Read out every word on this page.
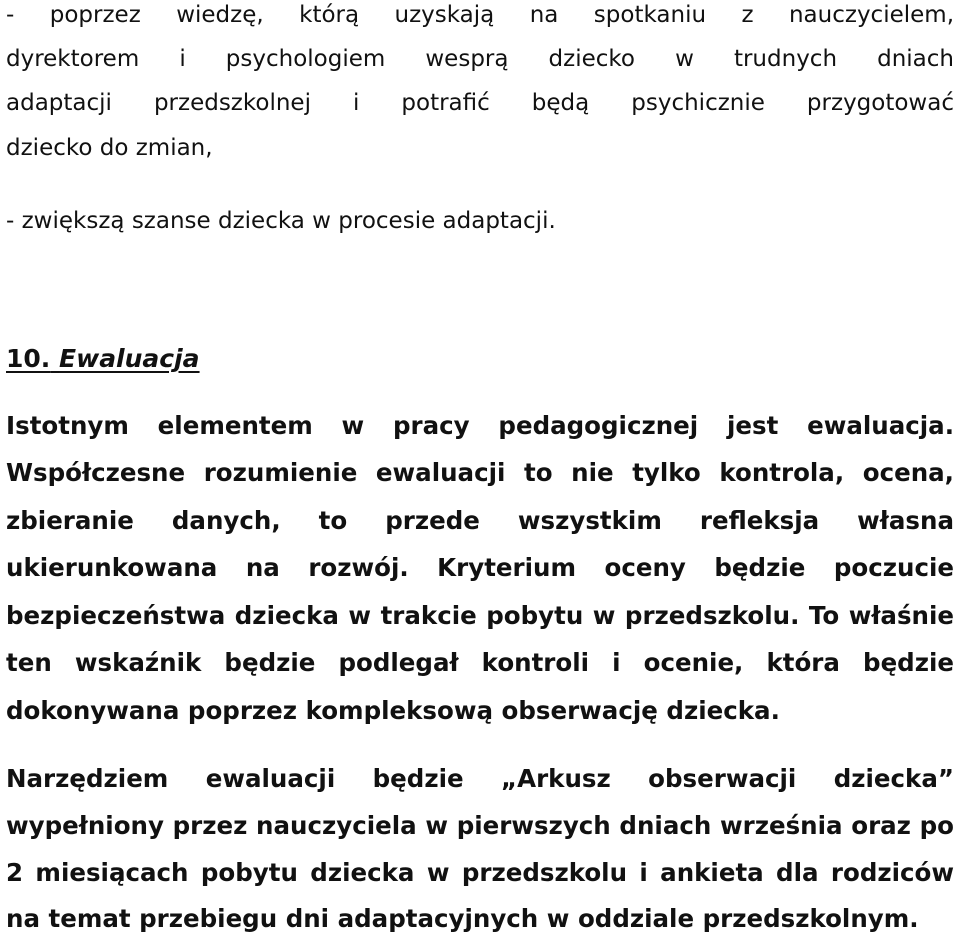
- poprzez wiedzę, którą uzyskają na spotkaniu z nauczycielem,
dyrektorem i psychologiem wesprą dziecko w trudnych dniach
adaptacji przedszkolnej i potrafić będą psychicznie przygotować
dziecko do zmian,
- zwiększą szanse dziecka w procesie adaptacji.
10. Ewaluacja
Istotnym elementem w pracy pedagogicznej jest ewaluacja.
Współczesne rozumienie ewaluacji to nie tylko kontrola, ocena,
zbieranie danych, to przede wszystkim refleksja własna
ukierunkowana na rozwój. Kryterium oceny będzie poczucie
bezpieczeństwa dziecka w trakcie pobytu w przedszkolu. To właśnie
ten wskaźnik będzie podlegał kontroli i ocenie, która będzie
dokonywana poprzez kompleksową obserwację dziecka.
Narzędziem ewaluacji będzie „Arkusz obserwacji dziecka”
wypełniony przez nauczyciela w pierwszych dniach września oraz po
2 miesiącach pobytu dziecka w przedszkolu i ankieta dla rodziców
na temat przebiegu dni adaptacyjnych w oddziale przedszkolnym.
